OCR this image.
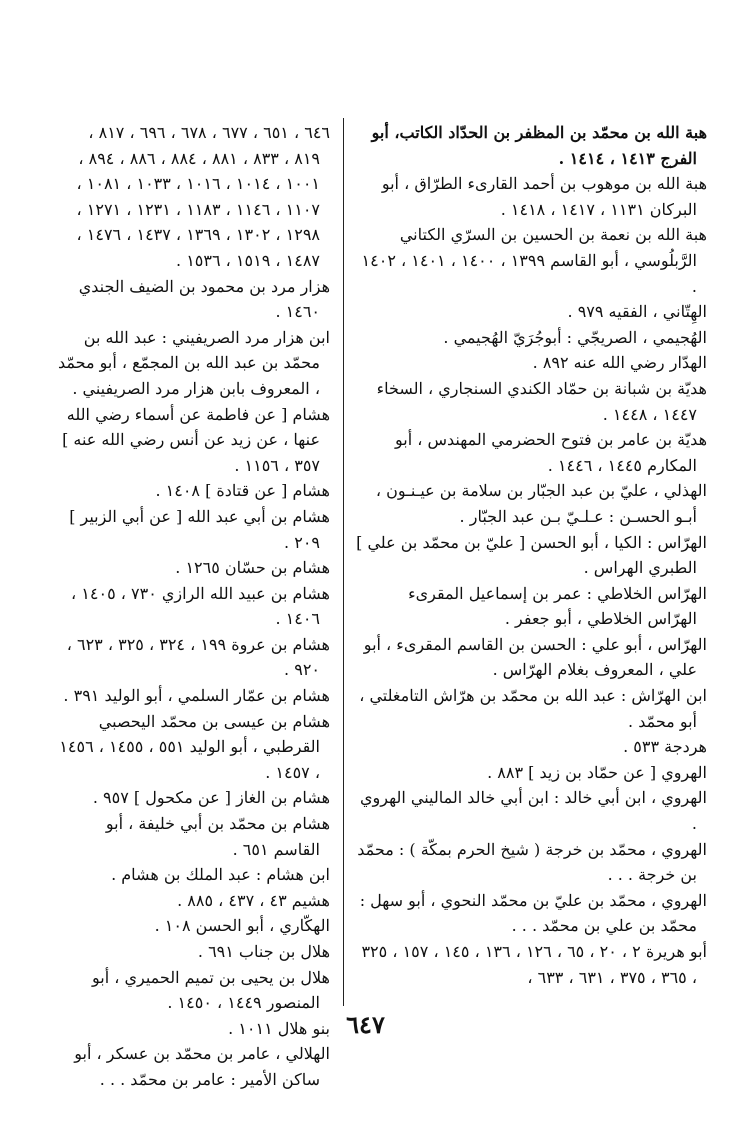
هبة الله بن محمّد بن المظفر بن الحدّاد الكاتب، أبو الفرج ١٤١٣ ، ١٤١٤ .

هبة الله بن موهوب بن أحمد القارىء الطرّاق ، أبو البركان ١١٣١ ، ١٤١٧ ، ١٤١٨ .

هبة الله بن نعمة بن الحسين بن السرّي الكتاني الرَّبلُوسي ، أبو القاسم ١٣٩٩ ، ١٤٠٠ ، ١٤٠١ ، ١٤٠٢ .

الهِتّاني ، الفقيه ٩٧٩ .

الهُجيمي ، الصريجّي : أبوجُرَيّ الهُجيمي .

الهدّار رضي الله عنه ٨٩٢ .

هديّة بن شبانة بن حمّاد الكندي السنجاري ، السخاء ١٤٤٧ ، ١٤٤٨ .

هديّة بن عامر بن فتوح الحضرمي المهندس ، أبو المكارم ١٤٤٥ ، ١٤٤٦ .

الهذلي ، عليّ بن عبد الجبّار بن سلامة بن عيـنـون ، أبـو الحسـن : عـلـيّ بـن عبد الجبّار .

الهرّاس : الكيا ، أبو الحسن [ عليّ بن محمّد بن علي ] الطبري الهراس .

الهرّاس الخلاطي : عمر بن إسماعيل المقرىء الهرّاس الخلاطي ، أبو جعفر .

الهرّاس ، أبو علي : الحسن بن القاسم المقرىء ، أبو علي ، المعروف بغلام الهرّاس .

ابن الهرّاش : عبد الله بن محمّد بن هرّاش التامغلتي ، أبو محمّد .

هردجة ٥٣٣ .

الهروي [ عن حمّاد بن زيد ] ٨٨٣ .

الهروي ، ابن أبي خالد : ابن أبي خالد الماليني الهروي .

الهروي ، محمّد بن خرجة ( شيخ الحرم بمكّة ) : محمّد بن خرجة . . .

الهروي ، محمّد بن عليّ بن محمّد النحوي ، أبو سهل : محمّد بن علي بن محمّد . . .

أبو هريرة ٢ ، ٢٠ ، ٦٥ ، ١٢٦ ، ١٣٦ ، ١٤٥ ، ١٥٧ ، ٣٢٥ ، ٣٦٥ ، ٣٧٥ ، ٦٣١ ، ٦٣٣ ،

٦٤٦ ، ٦٥١ ، ٦٧٧ ، ٦٧٨ ، ٦٩٦ ، ٨١٧ ، ٨١٩ ، ٨٣٣ ، ٨٨١ ، ٨٨٤ ، ٨٨٦ ، ٨٩٤ ، ١٠٠١ ، ١٠١٤ ، ١٠١٦ ، ١٠٣٣ ، ١٠٨١ ، ١١٠٧ ، ١١٤٦ ، ١١٨٣ ، ١٢٣١ ، ١٢٧١ ، ١٢٩٨ ، ١٣٠٢ ، ١٣٦٩ ، ١٤٣٧ ، ١٤٧٦ ، ١٤٨٧ ، ١٥١٩ ، ١٥٣٦ .

هزار مرد بن محمود بن الضيف الجندي ١٤٦٠ .

ابن هزار مرد الصريفيني : عبد الله بن محمّد بن عبد الله بن المجمّع ، أبو محمّد ، المعروف بابن هزار مرد الصريفيني .

هشام [ عن فاطمة عن أسماء رضي الله عنها ، عن زيد عن أنس رضي الله عنه ] ٣٥٧ ، ١١٥٦ .

هشام [ عن قتادة ] ١٤٠٨ .

هشام بن أبي عبد الله [ عن أبي الزبير ] ٢٠٩ .

هشام بن حسّان ١٢٦٥ .

هشام بن عبيد الله الرازي ٧٣٠ ، ١٤٠٥ ، ١٤٠٦ .

هشام بن عروة ١٩٩ ، ٣٢٤ ، ٣٢٥ ، ٦٢٣ ، ٩٢٠ .

هشام بن عمّار السلمي ، أبو الوليد ٣٩١ .

هشام بن عيسى بن محمّد اليحصبي القرطبي ، أبو الوليد ٥٥١ ، ١٤٥٥ ، ١٤٥٦ ، ١٤٥٧ .

هشام بن الغاز [ عن مكحول ] ٩٥٧ .

هشام بن محمّد بن أبي خليفة ، أبو القاسم ٦٥١ .

ابن هشام : عبد الملك بن هشام .

هشيم ٤٣ ، ٤٣٧ ، ٨٨٥ .

الهكّاري ، أبو الحسن ١٠٨ .

هلال بن جناب ٦٩١ .

هلال بن يحيى بن تميم الحميري ، أبو المنصور ١٤٤٩ ، ١٤٥٠ .

بنو هلال ١٠١١ .

الهلالي ، عامر بن محمّد بن عسكر ، أبو ساكن الأمير : عامر بن محمّد . . .

٦٤٧
